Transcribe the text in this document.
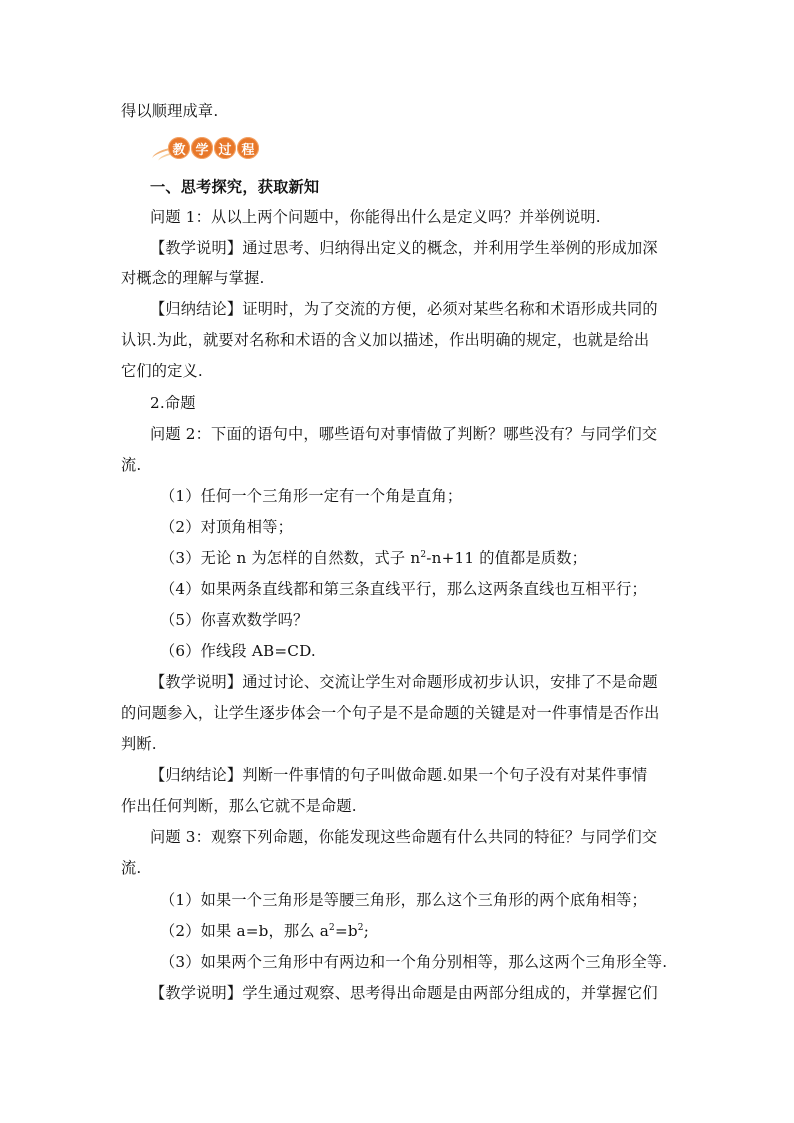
得以顺理成章.
教 学 过 程
一、思考探究，获取新知
问题 1：从以上两个问题中，你能得出什么是定义吗？并举例说明.
【教学说明】通过思考、归纳得出定义的概念，并利用学生举例的形成加深
对概念的理解与掌握.
【归纳结论】证明时，为了交流的方便，必须对某些名称和术语形成共同的
认识.为此，就要对名称和术语的含义加以描述，作出明确的规定，也就是给出
它们的定义.
2.命题
问题 2：下面的语句中，哪些语句对事情做了判断？哪些没有？与同学们交
流.
（1）任何一个三角形一定有一个角是直角；
（2）对顶角相等；
（3）无论 n 为怎样的自然数，式子 $n^2-n+11$ 的值都是质数；
（4）如果两条直线都和第三条直线平行，那么这两条直线也互相平行；
（5）你喜欢数学吗？
（6）作线段 AB=CD.
【教学说明】通过讨论、交流让学生对命题形成初步认识，安排了不是命题
的问题参入，让学生逐步体会一个句子是不是命题的关键是对一件事情是否作出
判断.
【归纳结论】判断一件事情的句子叫做命题.如果一个句子没有对某件事情
作出任何判断，那么它就不是命题.
问题 3：观察下列命题，你能发现这些命题有什么共同的特征？与同学们交
流.
（1）如果一个三角形是等腰三角形，那么这个三角形的两个底角相等；
（2）如果 a=b，那么 $a^2=b^2$;
（3）如果两个三角形中有两边和一个角分别相等，那么这两个三角形全等.
【教学说明】学生通过观察、思考得出命题是由两部分组成的，并掌握它们
